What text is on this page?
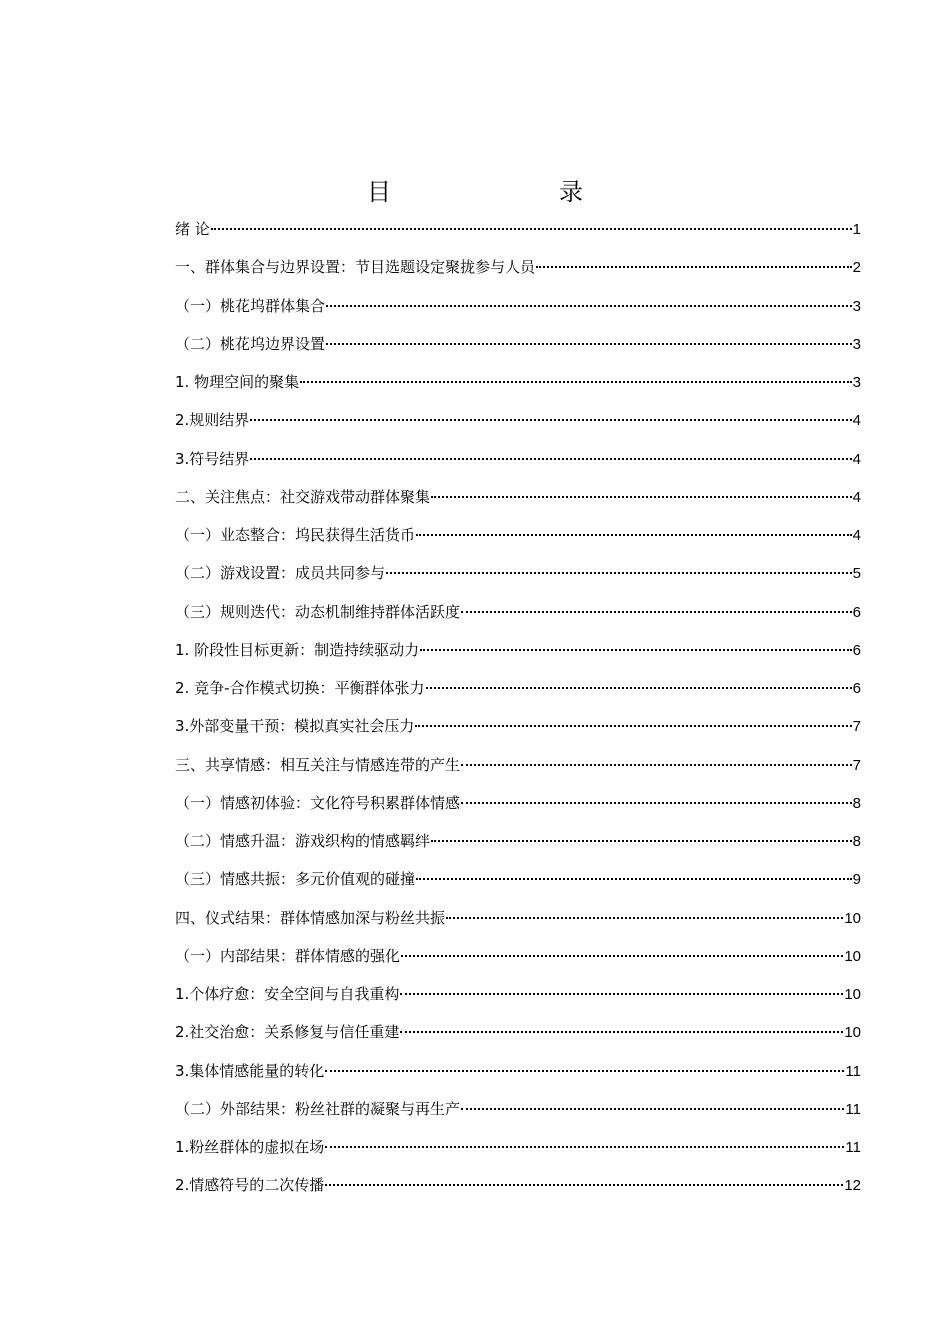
目　　录
绪 论	1
一、群体集合与边界设置：节目选题设定聚拢参与人员	2
（一）桃花坞群体集合	3
（二）桃花坞边界设置	3
1. 物理空间的聚集	3
2.规则结界	4
3.符号结界	4
二、关注焦点：社交游戏带动群体聚集	4
（一）业态整合：坞民获得生活货币	4
（二）游戏设置：成员共同参与	5
（三）规则迭代：动态机制维持群体活跃度	6
1. 阶段性目标更新：制造持续驱动力	6
2. 竞争-合作模式切换：平衡群体张力	6
3.外部变量干预：模拟真实社会压力	7
三、共享情感：相互关注与情感连带的产生	7
（一）情感初体验：文化符号积累群体情感	8
（二）情感升温：游戏织构的情感羁绊	8
（三）情感共振：多元价值观的碰撞	9
四、仪式结果：群体情感加深与粉丝共振	10
（一）内部结果：群体情感的强化	10
1.个体疗愈：安全空间与自我重构	10
2.社交治愈：关系修复与信任重建	10
3.集体情感能量的转化	11
（二）外部结果：粉丝社群的凝聚与再生产	11
1.粉丝群体的虚拟在场	11
2.情感符号的二次传播	12
